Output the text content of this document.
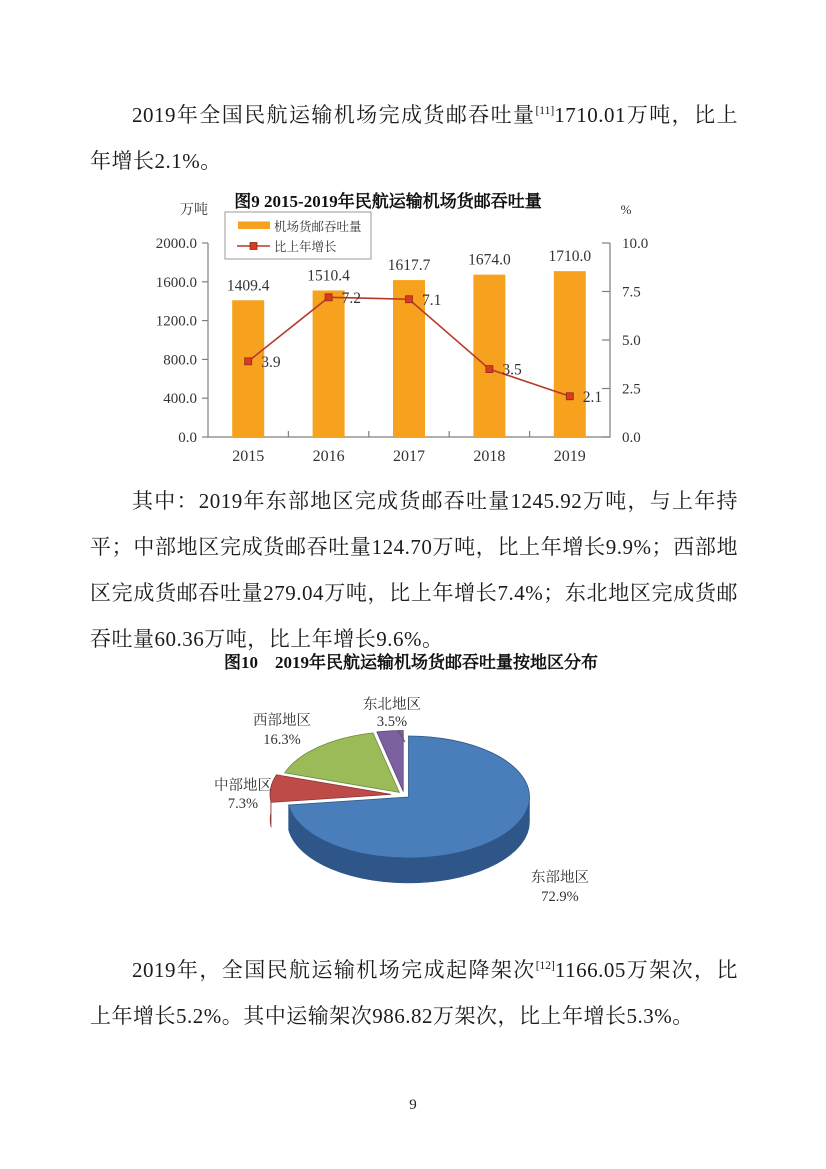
2019年全国民航运输机场完成货邮吞吐量[11]1710.01万吨，比上年增长2.1%。
图9 2015-2019年民航运输机场货邮吞吐量
2000.0
1600.0
1200.0
800.0
400.0
0.0
10.0
7.5
5.0
2.5
0.0
万吨	%
1409.4
2015
1510.4
2016
1617.7
2017
1674.0
2018
1710.0
2019
3.9
7.2	7.1
3.5
2.1
机场货邮吞吐量
比上年增长
其中：2019年东部地区完成货邮吞吐量1245.92万吨，与上年持平；中部地区完成货邮吞吐量124.70万吨，比上年增长9.9%；西部地区完成货邮吞吐量279.04万吨，比上年增长7.4%；东北地区完成货邮吞吐量60.36万吨，比上年增长9.6%。
图10　2019年民航运输机场货邮吞吐量按地区分布
东部地区
72.9%
中部地区
7.3%
西部地区
16.3%
东北地区
3.5%
2019年，全国民航运输机场完成起降架次[12]1166.05万架次，比上年增长5.2%。其中运输架次986.82万架次，比上年增长5.3%。
9
